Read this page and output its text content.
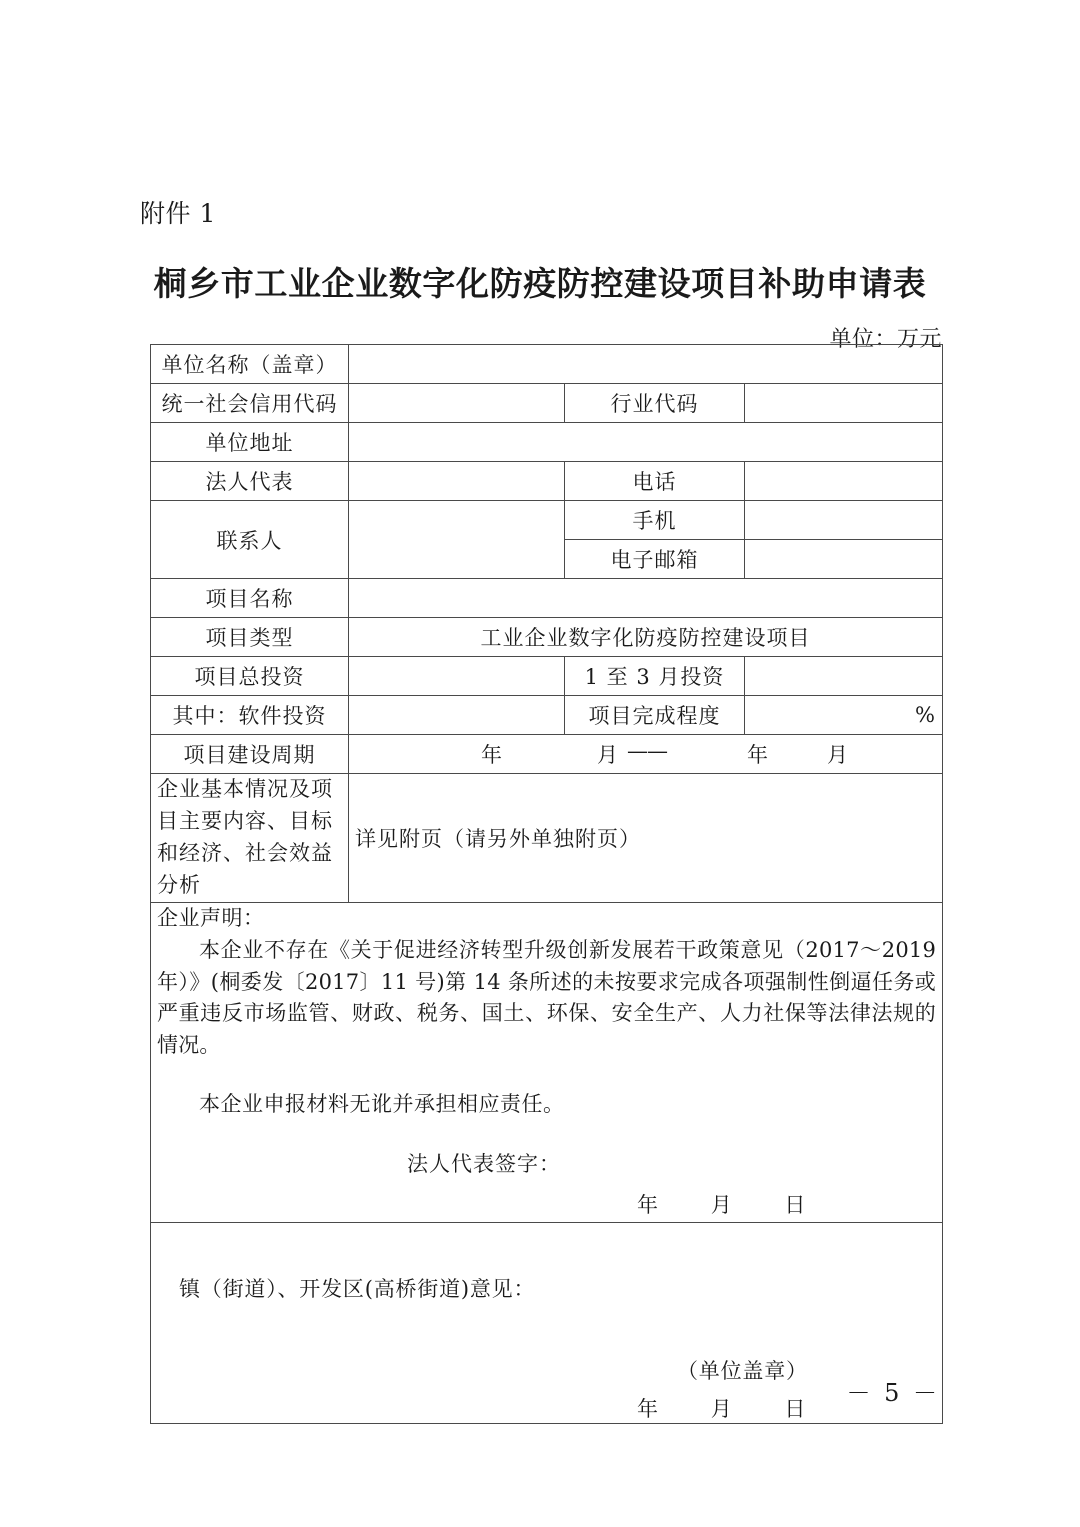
附件 1
桐乡市工业企业数字化防疫防控建设项目补助申请表
单位：万元
单位名称（盖章）			
统一社会信用代码		行业代码	
单位地址			
法人代表		电话	
联系人		手机	
		电子邮箱	
项目名称			
项目类型	工业企业数字化防疫防控建设项目		
项目总投资		1 至 3 月投资	
其中：软件投资		项目完成程度	%
项目建设周期	年 月 —— 年 月		

企业基本情况及项目主要内容、目标和经济、社会效益分析	详见附页（请另外单独附页）		

企业声明：
本企业不存在《关于促进经济转型升级创新发展若干政策意见（2017～2019年）》(桐委发〔2017〕11 号)第 14 条所述的未按要求完成各项强制性倒逼任务或严重违反市场监管、财政、税务、国土、环保、安全生产、人力社保等法律法规的情况。
本企业申报材料无讹并承担相应责任。
法人代表签字：
年 月 日			

镇（街道）、开发区(高桥街道)意见：
（单位盖章）
年 月 日			
－ 5 －
